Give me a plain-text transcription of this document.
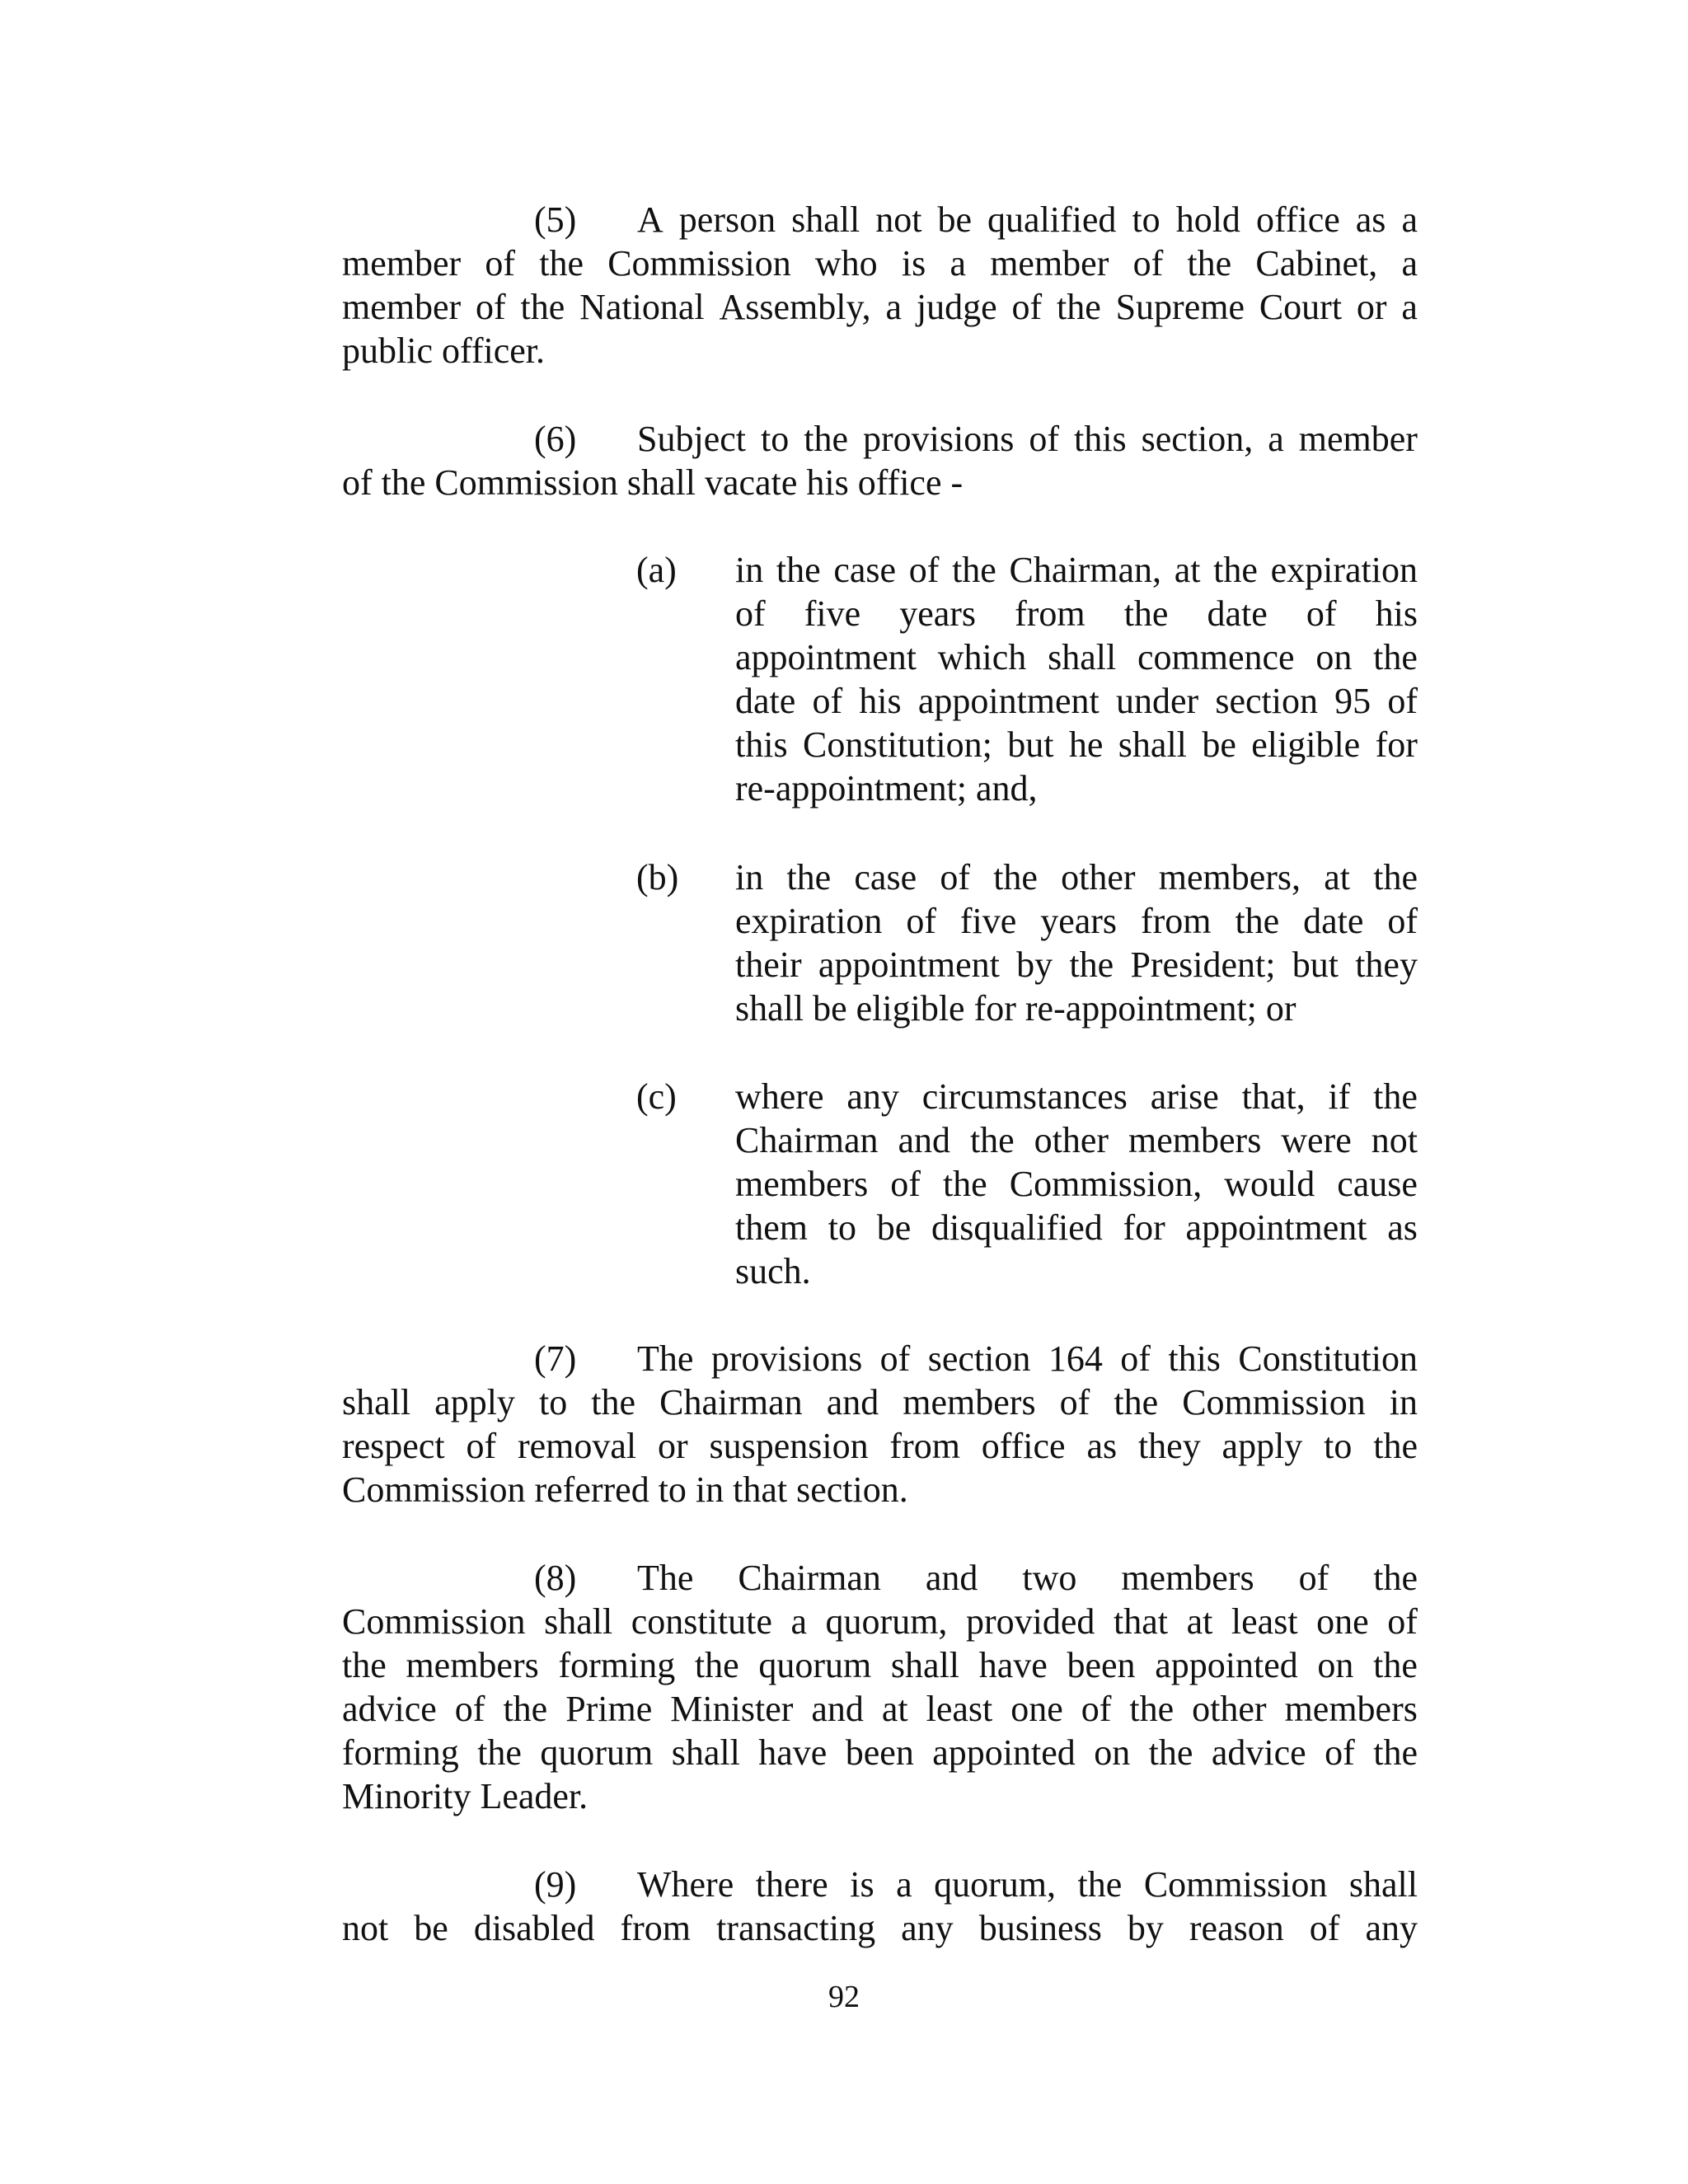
(5) A person shall not be qualified to hold office as a
member of the Commission who is a member of the Cabinet, a
member of the National Assembly, a judge of the Supreme Court or a
public officer.
(6) Subject to the provisions of this section, a member
of the Commission shall vacate his office -
(a) in the case of the Chairman, at the expiration
of five years from the date of his
appointment which shall commence on the
date of his appointment under section 95 of
this Constitution; but he shall be eligible for
re-appointment; and,
(b) in the case of the other members, at the
expiration of five years from the date of
their appointment by the President; but they
shall be eligible for re-appointment; or
(c) where any circumstances arise that, if the
Chairman and the other members were not
members of the Commission, would cause
them to be disqualified for appointment as
such.
(7) The provisions of section 164 of this Constitution
shall apply to the Chairman and members of the Commission in
respect of removal or suspension from office as they apply to the
Commission referred to in that section.
(8) The Chairman and two members of the
Commission shall constitute a quorum, provided that at least one of
the members forming the quorum shall have been appointed on the
advice of the Prime Minister and at least one of the other members
forming the quorum shall have been appointed on the advice of the
Minority Leader.
(9) Where there is a quorum, the Commission shall
not be disabled from transacting any business by reason of any
92
